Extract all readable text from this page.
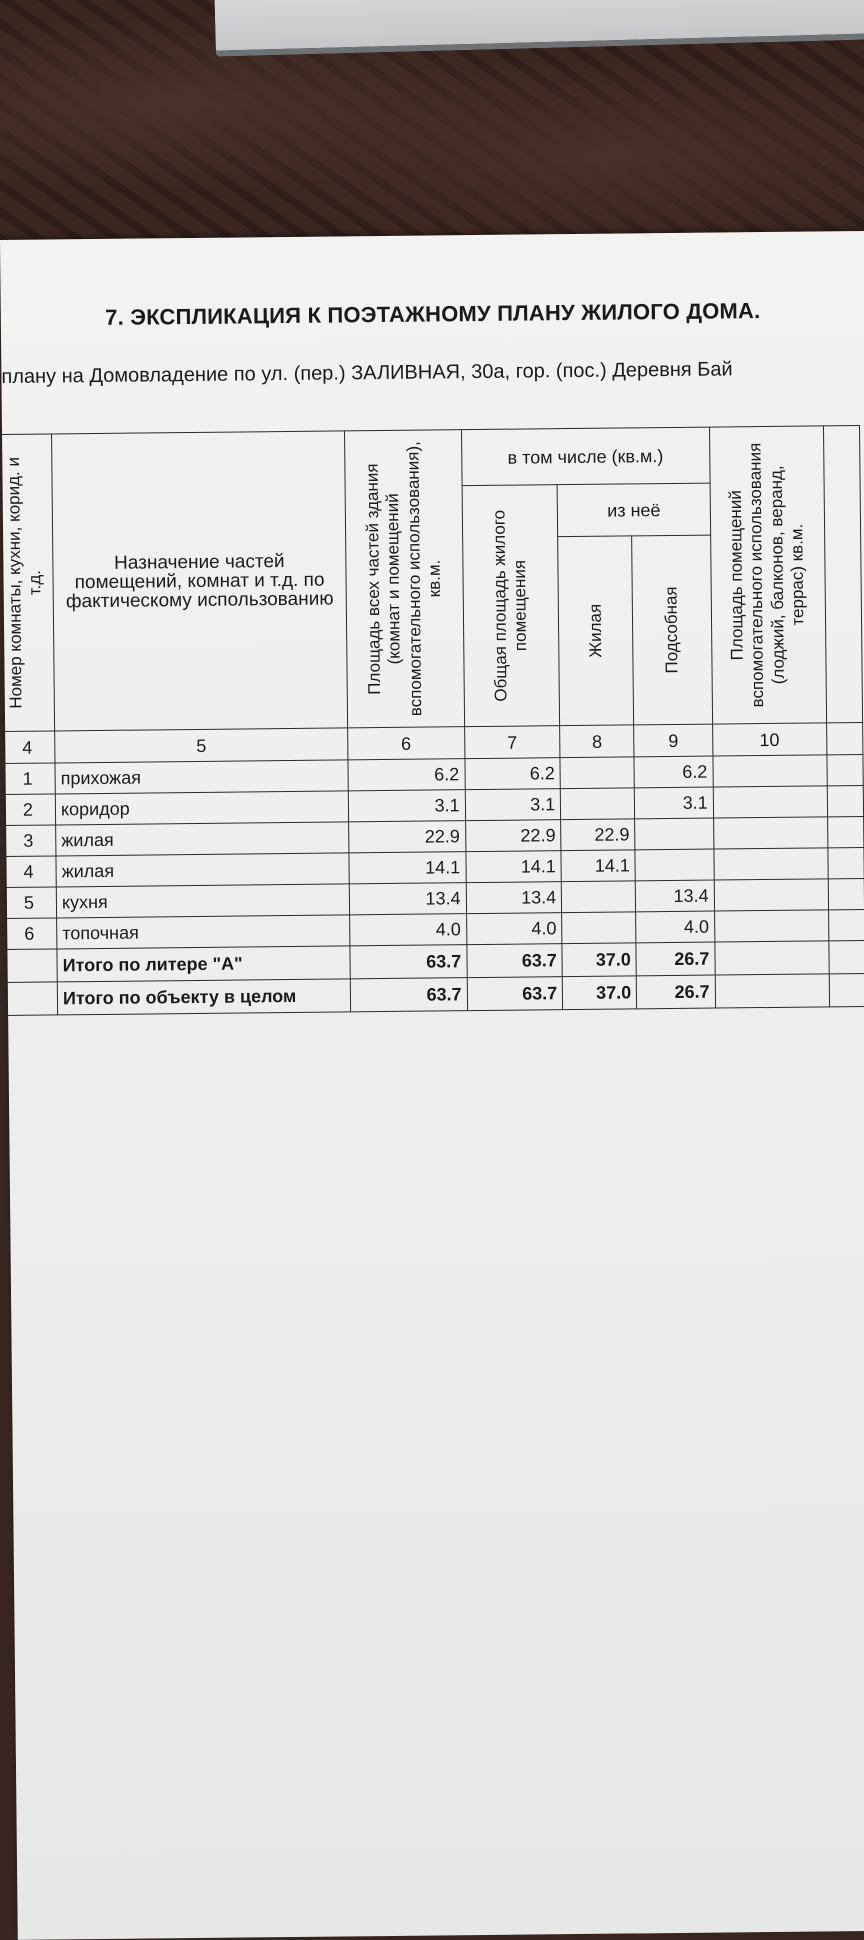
7. ЭКСПЛИКАЦИЯ К ПОЭТАЖНОМУ ПЛАНУ ЖИЛОГО ДОМА.
плану на Домовладение по ул. (пер.) ЗАЛИВНАЯ, 30а, гор. (пос.) Деревня Бай
Номер комнаты, кухни, корид. и т.д.	Назначение частей помещений, комнат и т.д. по фактическому использованию	Площадь всех частей здания (комнат и помещений вспомогательного использования), кв.м.	в том числе (кв.м.)			Площадь помещений вспомогательного использования (лоджий, балконов, веранд, террас) кв.м.	

			Общая площадь жилого помещения	из неё			

				Жилая	Подсобная		

4	5	6	7	8	9	10	
1	прихожая	6.2	6.2		6.2		
2	коридор	3.1	3.1		3.1		
3	жилая	22.9	22.9	22.9			
4	жилая	14.1	14.1	14.1			
5	кухня	13.4	13.4		13.4		
6	топочная	4.0	4.0		4.0		
	Итого по литере "А"	63.7	63.7	37.0	26.7		
	Итого по объекту в целом	63.7	63.7	37.0	26.7		
